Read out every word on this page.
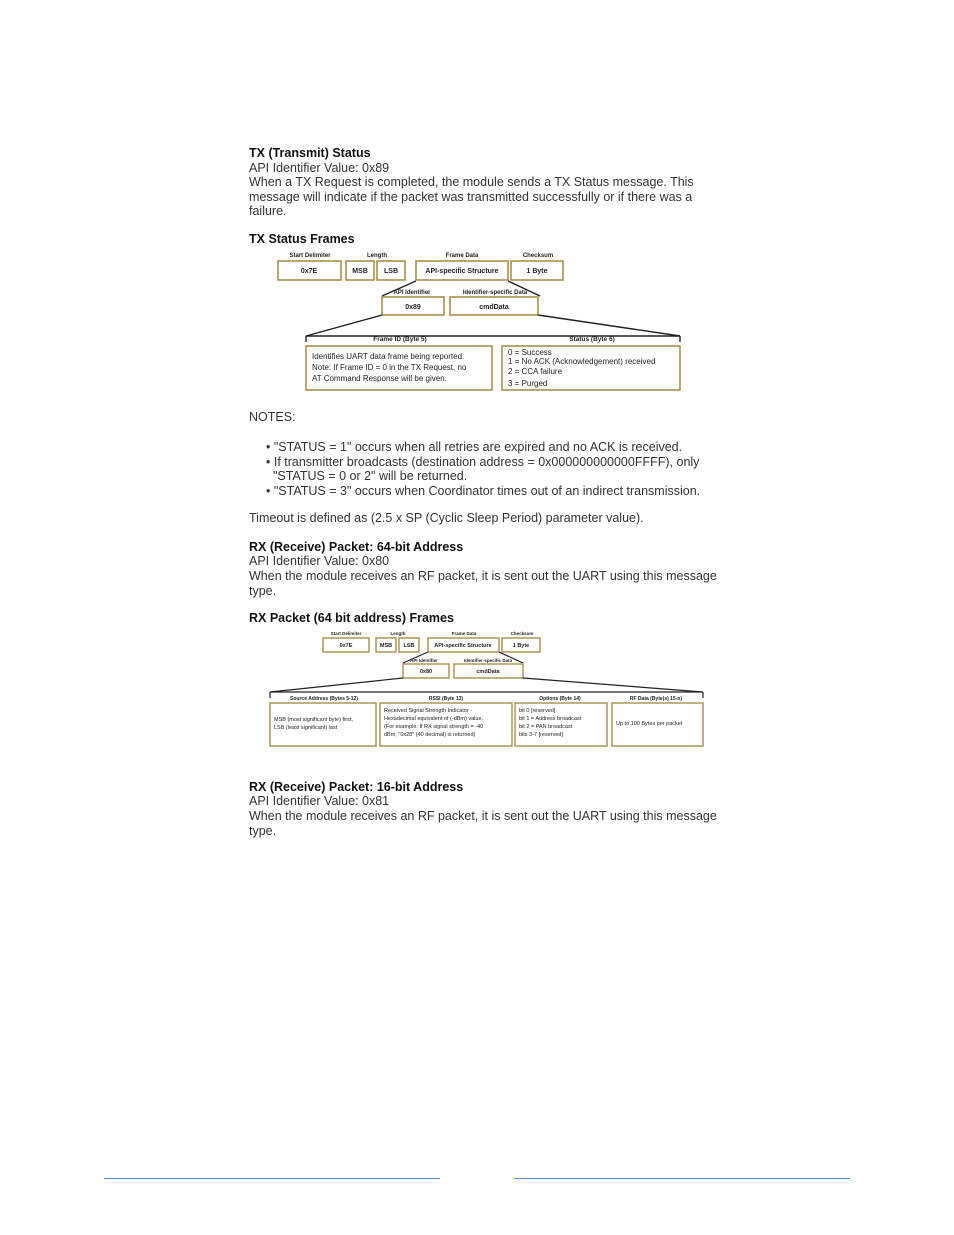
TX (Transmit) Status
API Identifier Value: 0x89
When a TX Request is completed, the module sends a TX Status message. This
message will indicate if the packet was transmitted successfully or if there was a
failure.
TX Status Frames
Start Delimiter	Length	Frame Data	Checksum
0x7E	MSB LSB	API-specific Structure	1 Byte
API Identifier	Identifier-specific Data
0x89	cmdData
Frame ID (Byte 5)	Status (Byte 6)
Identifies UART data frame being reported.
Note: If Frame ID = 0 in the TX Request, no
AT Command Response will be given.
0 = Success
1 = No ACK (Acknowledgement) received
2 = CCA failure
3 = Purged
NOTES:
• "STATUS = 1" occurs when all retries are expired and no ACK is received.
• If transmitter broadcasts (destination address = 0x000000000000FFFF), only
"STATUS = 0 or 2" will be returned.
• "STATUS = 3" occurs when Coordinator times out of an indirect transmission.
Timeout is defined as (2.5 x SP (Cyclic Sleep Period) parameter value).
RX (Receive) Packet: 64-bit Address
API Identifier Value: 0x80
When the module receives an RF packet, it is sent out the UART using this message
type.
RX Packet (64 bit address) Frames
Start Delimiter	Length	Frame Data	Checksum
0x7E	MSB LSB	API-specific Structure	1 Byte
API Identifier	Identifier-specific Data
0x80	cmdData
Source Address (Bytes 5-12)	RSSI (Byte 13)	Options (Byte 14)	RF Data (Byte(s) 15-n)
MSB (most significant byte) first,
LSB (least significant) last
Received Signal Strength Indicator -
Hexadecimal equivalent of (-dBm) value.
(For example: If RX signal strength = -40
dBm, "0x28" (40 decimal) is returned)
bit 0 [reserved]
bit 1 = Address broadcast
bit 2 = PAN broadcast
bits 3-7 [reserved]
Up to 100 Bytes per packet
RX (Receive) Packet: 16-bit Address
API Identifier Value: 0x81
When the module receives an RF packet, it is sent out the UART using this message
type.
